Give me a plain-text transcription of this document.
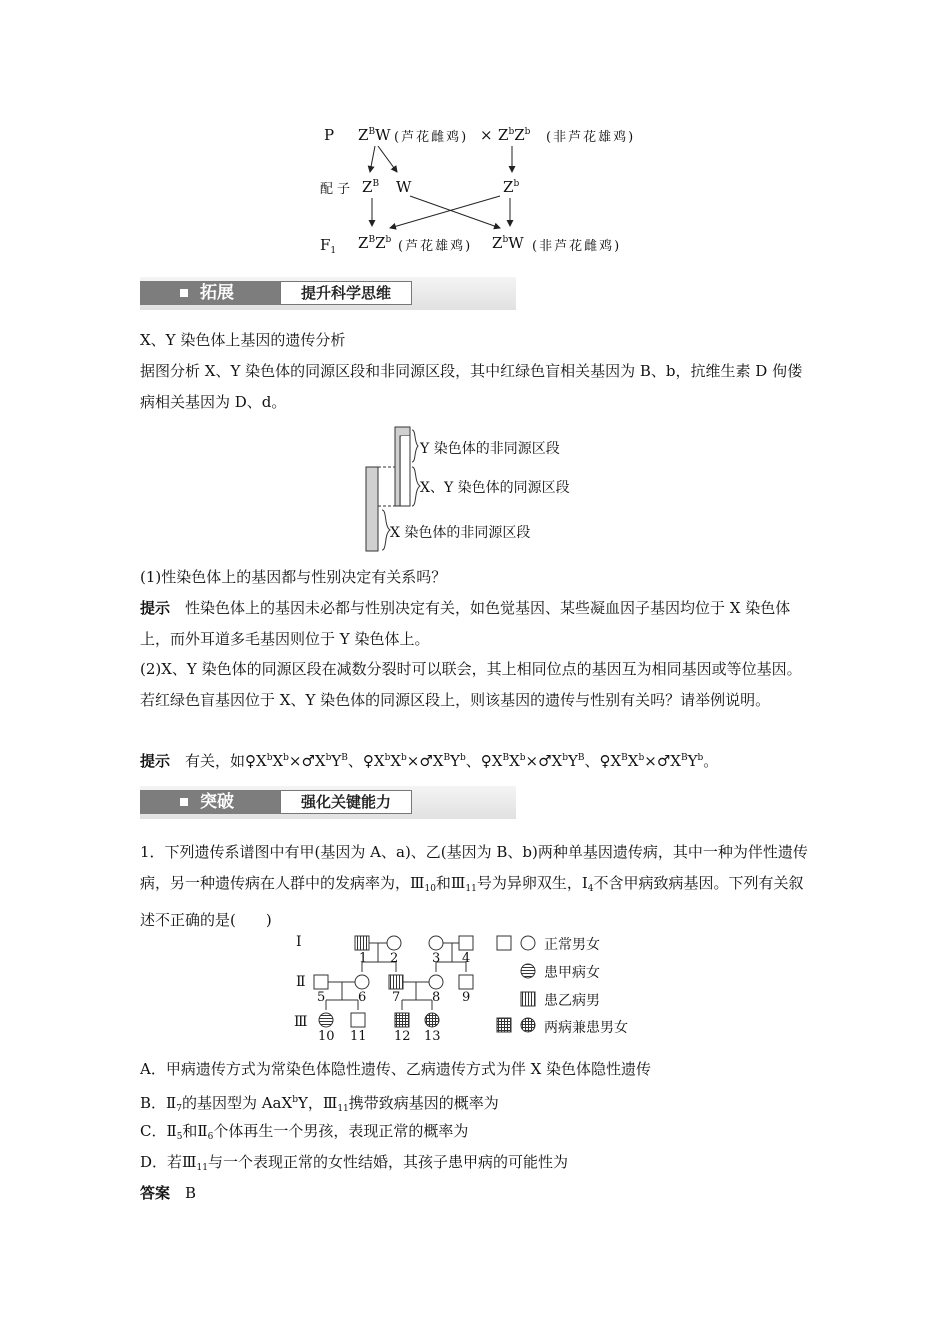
P $Z^BW$ (芦花雌鸡) × $Z^bZ^b$ (非芦花雄鸡)
配子 $Z^B$ W	$Z^b$
$F_1$ $Z^BZ^b$ (芦花雄鸡) $Z^bW$ (非芦花雌鸡)
拓展	提升科学思维
X、Y 染色体上基因的遗传分析
据图分析 X、Y 染色体的同源区段和非同源区段，其中红绿色盲相关基因为 B、b，抗维生素 D 佝偻病相关基因为 D、d。
Y 染色体的非同源区段
X、Y 染色体的同源区段
X 染色体的非同源区段
(1)性染色体上的基因都与性别决定有关系吗？
提示　 性染色体上的基因未必都与性别决定有关，如色觉基因、某些凝血因子基因均位于 X 染色体上，而外耳道多毛基因则位于 Y 染色体上。
(2)X、Y 染色体的同源区段在减数分裂时可以联会，其上相同位点的基因互为相同基因或等位基因。若红绿色盲基因位于 X、Y 染色体的同源区段上，则该基因的遗传与性别有关吗？请举例说明。
提示　 有关，如$♀X^bX^b\times♂X^bY^B$、$♀X^bX^b\times♂X^BY^b$、$♀X^BX^b\times♂X^bY^B$、$♀X^BX^b\times♂X^BY^b$。
突破	强化关键能力
1．下列遗传系谱图中有甲(基因为 A、a)、乙(基因为 B、b)两种单基因遗传病，其中一种为伴性遗传病，另一种遗传病在人群中的发病率为，$Ⅲ_{10}$和$Ⅲ_{11}$号为异卵双生，$Ⅰ_4$不含甲病致病基因。下列有关叙述不正确的是(　　)
Ⅰ
Ⅱ
Ⅲ
1 2	3 4
5	6 7 8 9
10 11 12 13
正常男女
患甲病女
患乙病男
两病兼患男女
A．甲病遗传方式为常染色体隐性遗传、乙病遗传方式为伴 X 染色体隐性遗传
B．$Ⅱ_7$的基因型为 AaX$^b$Y，$Ⅲ_{11}$携带致病基因的概率为
C．$Ⅱ_5$和$Ⅱ_6$个体再生一个男孩，表现正常的概率为
D．若$Ⅲ_{11}$与一个表现正常的女性结婚，其孩子患甲病的可能性为
答案　 B
